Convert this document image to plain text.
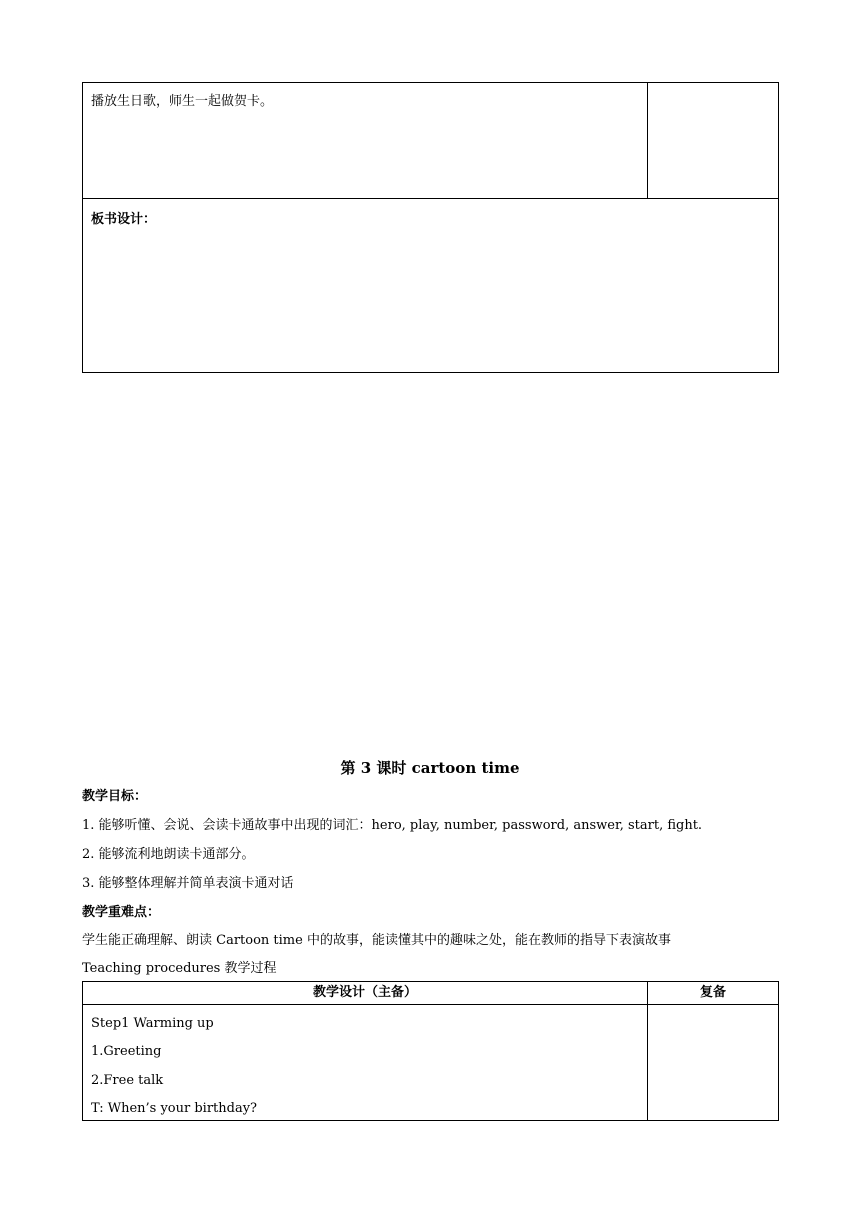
播放生日歌，师生一起做贺卡。
板书设计：
第 3 课时 cartoon time
教学目标：
1. 能够听懂、会说、会读卡通故事中出现的词汇：hero, play, number, password, answer, start, fight.
2. 能够流利地朗读卡通部分。
3. 能够整体理解并简单表演卡通对话
教学重难点：
学生能正确理解、朗读 Cartoon time 中的故事，能读懂其中的趣味之处，能在教师的指导下表演故事
Teaching procedures 教学过程
教学设计（主备）	复备
Step1 Warming up
1.Greeting
2.Free talk
T: When’s your birthday?
